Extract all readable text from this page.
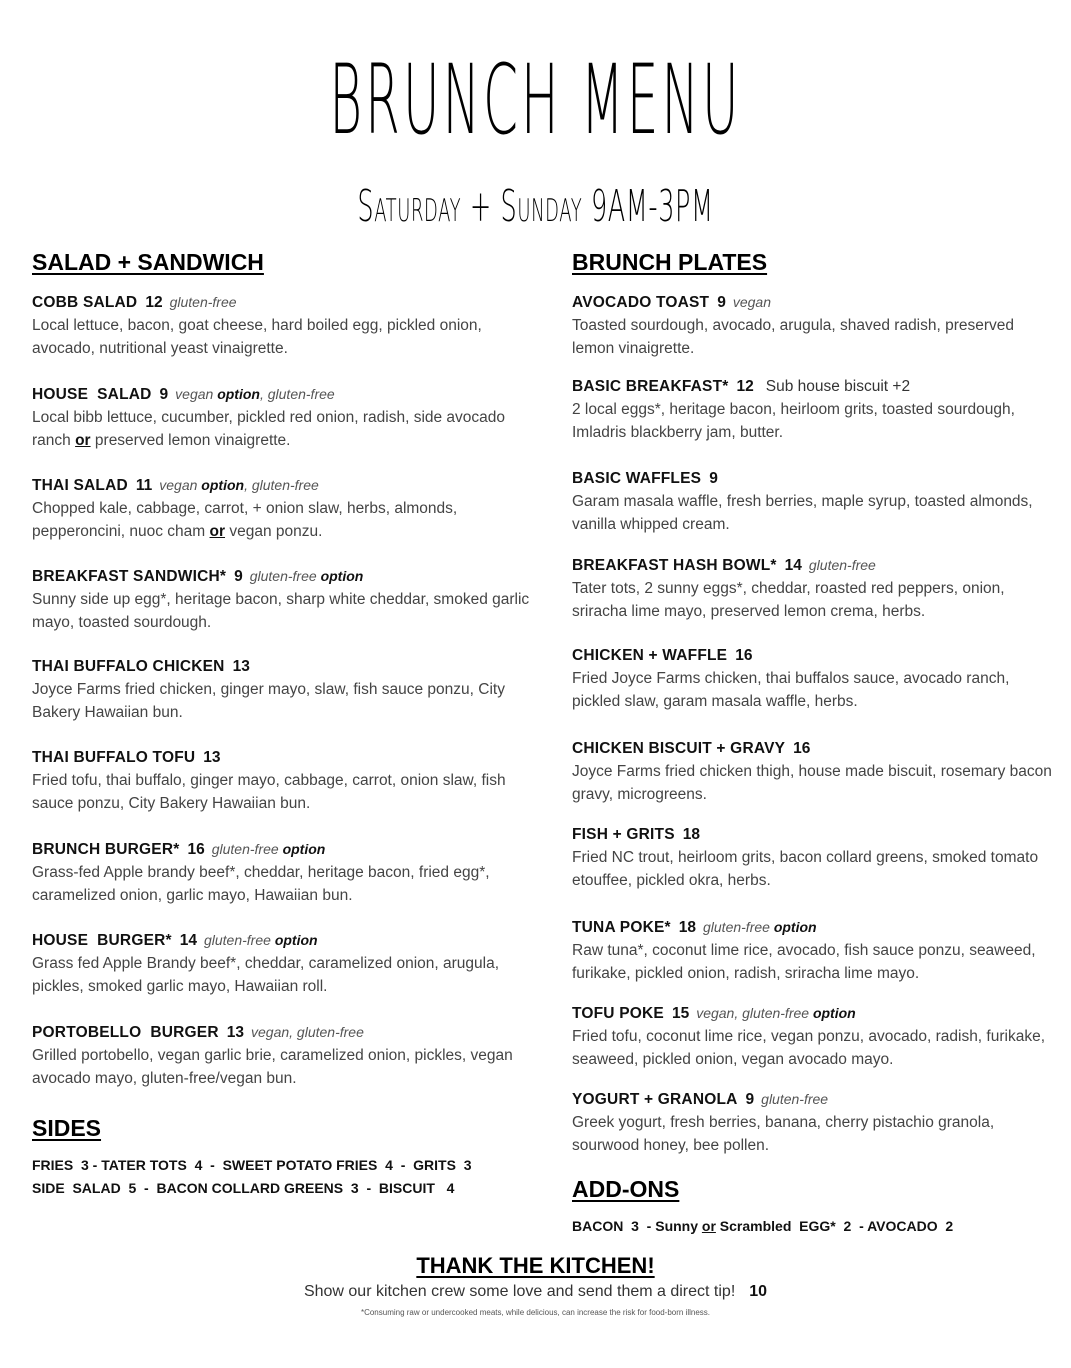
BRUNCH MENU
Saturday + Sunday 9AM-3PM
SALAD + SANDWICH
COBB SALAD 12 gluten-free
Local lettuce, bacon, goat cheese, hard boiled egg, pickled onion, avocado, nutritional yeast vinaigrette.
HOUSE  SALAD 9 vegan option, gluten-free
Local bibb lettuce, cucumber, pickled red onion, radish, side avocado ranch or preserved lemon vinaigrette.
THAI SALAD 11 vegan option, gluten-free
Chopped kale, cabbage, carrot, + onion slaw, herbs, almonds, pepperoncini, nuoc cham or vegan ponzu.
BREAKFAST SANDWICH* 9 gluten-free option
Sunny side up egg*, heritage bacon, sharp white cheddar, smoked garlic mayo, toasted sourdough.
THAI BUFFALO CHICKEN 13
Joyce Farms fried chicken, ginger mayo, slaw, fish sauce ponzu, City Bakery Hawaiian bun.
THAI BUFFALO TOFU 13
Fried tofu, thai buffalo, ginger mayo, cabbage, carrot, onion slaw, fish sauce ponzu, City Bakery Hawaiian bun.
BRUNCH BURGER* 16 gluten-free option
Grass-fed Apple brandy beef*, cheddar, heritage bacon, fried egg*, caramelized onion, garlic mayo, Hawaiian bun.
HOUSE  BURGER* 14 gluten-free option
Grass fed Apple Brandy beef*, cheddar, caramelized onion, arugula, pickles, smoked garlic mayo, Hawaiian roll.
PORTOBELLO  BURGER 13 vegan, gluten-free
Grilled portobello, vegan garlic brie, caramelized onion, pickles, vegan avocado mayo, gluten-free/vegan bun.
SIDES
FRIES  3 - TATER TOTS  4  -  SWEET POTATO FRIES  4  -  GRITS  3
SIDE  SALAD  5  -  BACON COLLARD GREENS  3  -  BISCUIT   4
BRUNCH PLATES
AVOCADO TOAST 9 vegan
Toasted sourdough, avocado, arugula, shaved radish, preserved lemon vinaigrette.
BASIC BREAKFAST* 12 Sub house biscuit +2
2 local eggs*, heritage bacon, heirloom grits, toasted sourdough, Imladris blackberry jam, butter.
BASIC WAFFLES 9
Garam masala waffle, fresh berries, maple syrup, toasted almonds, vanilla whipped cream.
BREAKFAST HASH BOWL* 14 gluten-free
Tater tots, 2 sunny eggs*, cheddar, roasted red peppers, onion, sriracha lime mayo, preserved lemon crema, herbs.
CHICKEN + WAFFLE 16
Fried Joyce Farms chicken, thai buffalos sauce, avocado ranch, pickled slaw, garam masala waffle, herbs.
CHICKEN BISCUIT + GRAVY 16
Joyce Farms fried chicken thigh, house made biscuit, rosemary bacon gravy, microgreens.
FISH + GRITS 18
Fried NC trout, heirloom grits, bacon collard greens, smoked tomato etouffee, pickled okra, herbs.
TUNA POKE* 18 gluten-free option
Raw tuna*, coconut lime rice, avocado, fish sauce ponzu, seaweed, furikake, pickled onion, radish, sriracha lime mayo.
TOFU POKE 15 vegan, gluten-free option
Fried tofu, coconut lime rice, vegan ponzu, avocado, radish, furikake, seaweed, pickled onion, vegan avocado mayo.
YOGURT + GRANOLA 9 gluten-free
Greek yogurt, fresh berries, banana, cherry pistachio granola, sourwood honey, bee pollen.
ADD-ONS
BACON  3  - Sunny or Scrambled  EGG*  2  - AVOCADO  2
THANK THE KITCHEN!
Show our kitchen crew some love and send them a direct tip! 10
*Consuming raw or undercooked meats, while delicious, can increase the risk for food-born illness.
